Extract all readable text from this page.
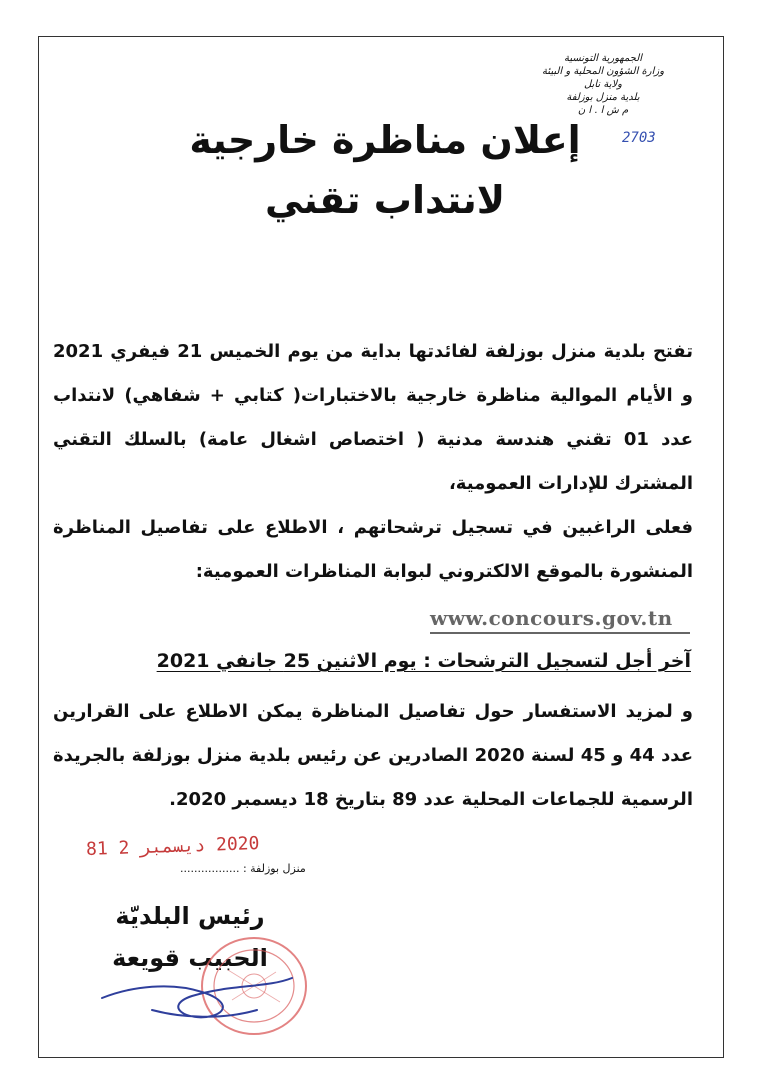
الجمهورية التونسية
وزارة الشؤون المحلية و البيئة
ولاية نابل
بلدية منزل بوزلفة
م ش ا . ا ن
2703
إعلان مناظرة خارجية
لانتداب تقني
تفتح بلدية منزل بوزلفة لفائدتها بداية من يوم الخميس 21 فيفري 2021 و الأيام الموالية مناظرة خارجية بالاختبارات( كتابي + شفاهي) لانتداب عدد 01 تقني هندسة مدنية ( اختصاص اشغال عامة) بالسلك التقني المشترك للإدارات العمومية،
فعلى الراغبين في تسجيل ترشحاتهم ، الاطلاع على تفاصيل المناظرة المنشورة بالموقع الالكتروني لبوابة المناظرات العمومية:
www.concours.gov.tn
آخر أجل لتسجيل الترشحات : يوم الاثنين 25 جانفي 2021
و لمزيد الاستفسار حول تفاصيل المناظرة يمكن الاطلاع على القرارين عدد 44 و 45 لسنة 2020 الصادرين عن رئيس بلدية منزل بوزلفة بالجريدة الرسمية للجماعات المحلية عدد 89 بتاريخ 18 ديسمبر 2020.
2020 ديسمبر 2 81
منزل بوزلفة : .................
رئيس البلديّة
الحبيب قويعة
